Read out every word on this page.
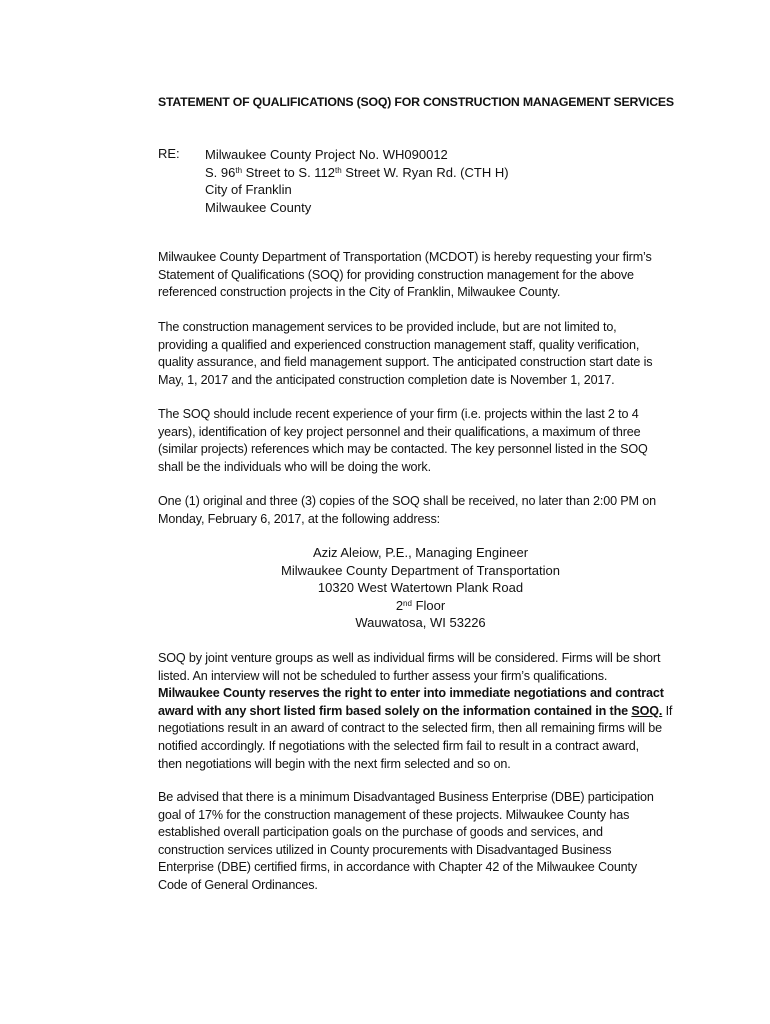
STATEMENT OF QUALIFICATIONS (SOQ) FOR CONSTRUCTION MANAGEMENT SERVICES
RE: Milwaukee County Project No. WH090012
S. 96th Street to S. 112th Street W. Ryan Rd. (CTH H)
City of Franklin
Milwaukee County
Milwaukee County Department of Transportation (MCDOT) is hereby requesting your firm’s
Statement of Qualifications (SOQ) for providing construction management for the above
referenced construction projects in the City of Franklin, Milwaukee County.
The construction management services to be provided include, but are not limited to,
providing a qualified and experienced construction management staff, quality verification,
quality assurance, and field management support. The anticipated construction start date is
May, 1, 2017 and the anticipated construction completion date is November 1, 2017.
The SOQ should include recent experience of your firm (i.e. projects within the last 2 to 4
years), identification of key project personnel and their qualifications, a maximum of three
(similar projects) references which may be contacted. The key personnel listed in the SOQ
shall be the individuals who will be doing the work.
One (1) original and three (3) copies of the SOQ shall be received, no later than 2:00 PM on
Monday, February 6, 2017, at the following address:
Aziz Aleiow, P.E., Managing Engineer
Milwaukee County Department of Transportation
10320 West Watertown Plank Road
2nd Floor
Wauwatosa, WI 53226
SOQ by joint venture groups as well as individual firms will be considered. Firms will be short
listed. An interview will not be scheduled to further assess your firm’s qualifications.
Milwaukee County reserves the right to enter into immediate negotiations and contract
award with any short listed firm based solely on the information contained in the SOQ. If
negotiations result in an award of contract to the selected firm, then all remaining firms will be
notified accordingly. If negotiations with the selected firm fail to result in a contract award,
then negotiations will begin with the next firm selected and so on.
Be advised that there is a minimum Disadvantaged Business Enterprise (DBE) participation
goal of 17% for the construction management of these projects. Milwaukee County has
established overall participation goals on the purchase of goods and services, and
construction services utilized in County procurements with Disadvantaged Business
Enterprise (DBE) certified firms, in accordance with Chapter 42 of the Milwaukee County
Code of General Ordinances.
